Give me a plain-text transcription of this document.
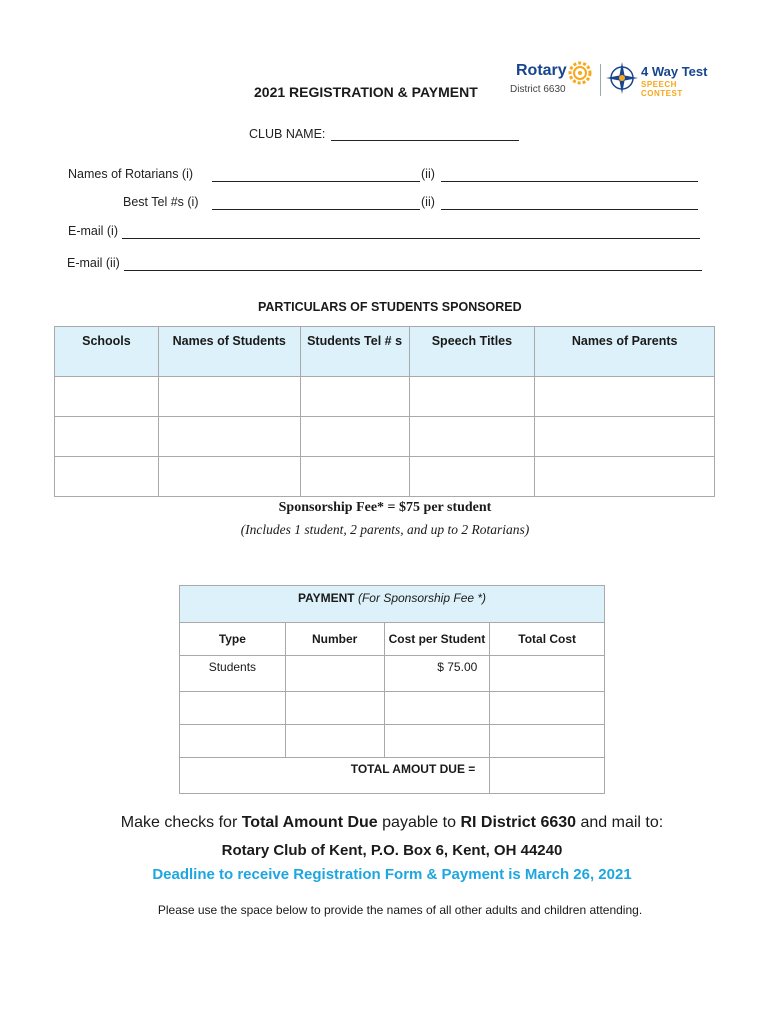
2021 REGISTRATION & PAYMENT
Rotary
District 6630
4 Way Test
SPEECH CONTEST
CLUB NAME:
Names of Rotarians (i)	(ii)
Best Tel #s (i)	(ii)
E-mail (i)
E-mail (ii)
PARTICULARS OF STUDENTS SPONSORED
Schools	Names of Students	Students Tel # s	Speech Titles	Names of Parents

Sponsorship Fee* = $75 per student
(Includes 1 student, 2 parents, and up to 2 Rotarians)
PAYMENT (For Sponsorship Fee *)			
Type	Number	Cost per Student	Total Cost
Students		$ 75.00	

TOTAL AMOUT DUE =			
Make checks for Total Amount Due payable to RI District 6630 and mail to:
Rotary Club of Kent, P.O. Box 6, Kent, OH 44240
Deadline to receive Registration Form & Payment is March 26, 2021
Please use the space below to provide the names of all other adults and children attending.
